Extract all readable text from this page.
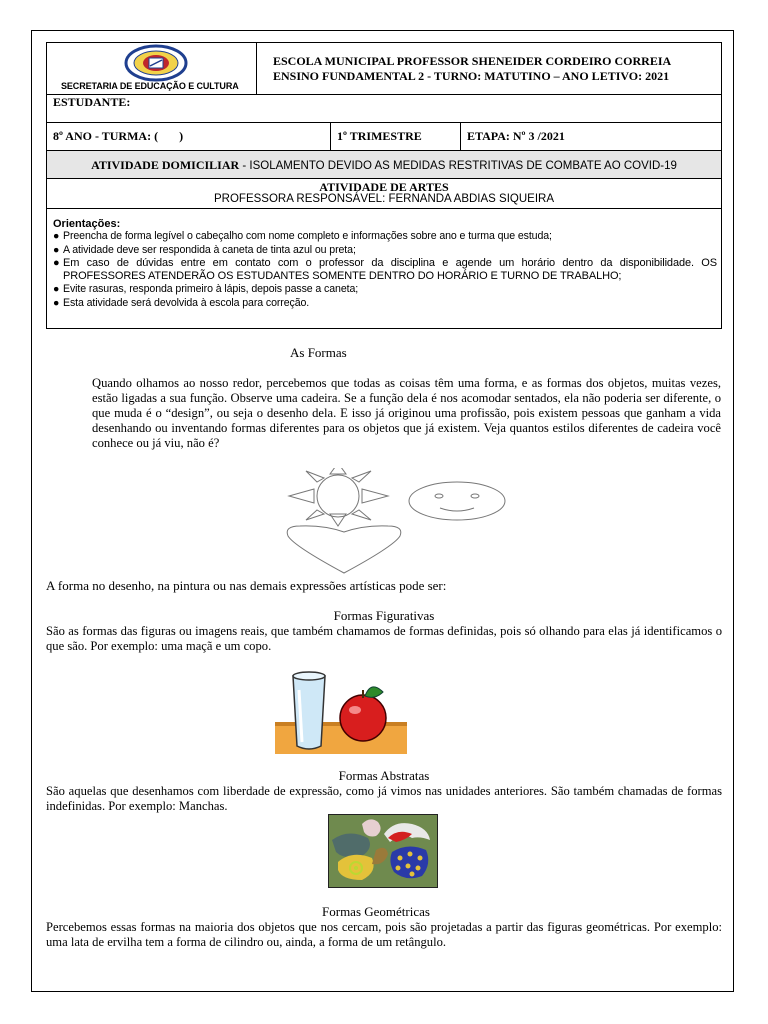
SECRETARIA DE EDUCAÇÃO E CULTURA
ESCOLA MUNICIPAL PROFESSOR SHENEIDER CORDEIRO CORREIA
ENSINO FUNDAMENTAL 2 - TURNO: MATUTINO – ANO LETIVO: 2021
ESTUDANTE:
8º ANO - TURMA: (       )	1º TRIMESTRE	ETAPA: Nº 3 /2021
ATIVIDADE DOMICILIAR - ISOLAMENTO DEVIDO AS MEDIDAS RESTRITIVAS DE COMBATE AO COVID-19
ATIVIDADE DE ARTES
PROFESSORA RESPONSÁVEL: FERNANDA ABDIAS SIQUEIRA
Orientações:
● Preencha de forma legível o cabeçalho com nome completo e informações sobre ano e turma que estuda;
● A atividade deve ser respondida à caneta de tinta azul ou preta;
● Em caso de dúvidas entre em contato com o professor da disciplina e agende um horário dentro da disponibilidade. OS PROFESSORES ATENDERÃO OS ESTUDANTES SOMENTE DENTRO DO HORÁRIO E TURNO DE TRABALHO;
● Evite rasuras, responda primeiro à lápis, depois passe a caneta;
● Esta atividade será devolvida à escola para correção.
As Formas
Quando olhamos ao nosso redor, percebemos que todas as coisas têm uma forma, e as formas dos objetos, muitas vezes, estão ligadas a sua função. Observe uma cadeira. Se a função dela é nos acomodar sentados, ela não poderia ser diferente, o que muda é o “design”, ou seja o desenho dela. E isso já originou uma profissão, pois existem pessoas que ganham a vida desenhando ou inventando formas diferentes para os objetos que já existem. Veja quantos estilos diferentes de cadeira você conhece ou já viu, não é?
A forma no desenho, na pintura ou nas demais expressões artísticas pode ser:
Formas Figurativas
São as formas das figuras ou imagens reais, que também chamamos de formas definidas, pois só olhando para elas já identificamos o que são. Por exemplo: uma maçã e um copo.
Formas Abstratas
São aquelas que desenhamos com liberdade de expressão, como já vimos nas unidades anteriores. São também chamadas de formas indefinidas. Por exemplo: Manchas.
Formas Geométricas
Percebemos essas formas na maioria dos objetos que nos cercam, pois são projetadas a partir das figuras geométricas. Por exemplo: uma lata de ervilha tem a forma de cilindro ou, ainda, a forma de um retângulo.
